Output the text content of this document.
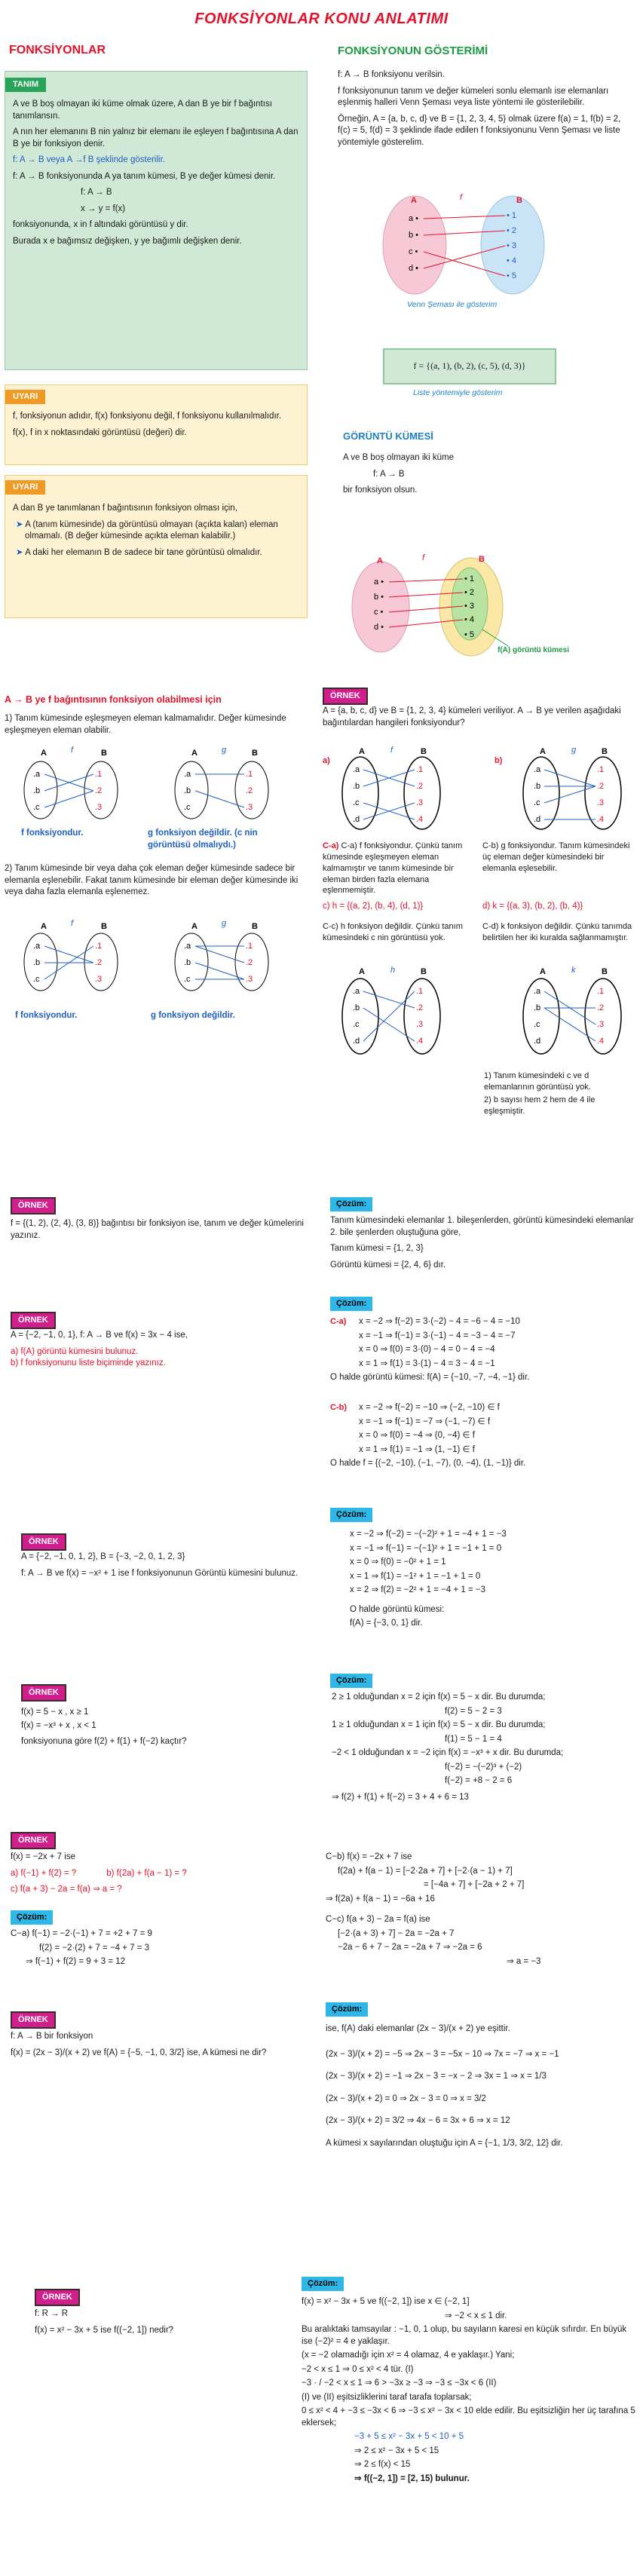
FONKSİYONLAR KONU ANLATIMI
FONKSİYONLAR
TANIM

A ve B boş olmayan iki küme olmak üzere, A dan B ye bir f bağıntısı tanımlansın.

A nın her elemanını B nin yalnız bir elemanı ile eşleyen f bağıntısına A dan B ye bir fonksiyon denir.

f: A → B veya A →f B şeklinde gösterilir.

f: A → B fonksiyonunda A ya tanım kümesi, B ye değer kümesi denir.

f: A → B

x → y = f(x)

fonksiyonunda, x in f altındaki görüntüsü y dir.

Burada x e bağımsız değişken, y ye bağımlı değişken denir.

UYARI

f, fonksiyonun adıdır, f(x) fonksiyonu değil, f fonksiyonu kullanılmalıdır.

f(x), f in x noktasındaki görüntüsü (değeri) dir.

UYARI

A dan B ye tanımlanan f bağıntısının fonksiyon olması için,

➤ A (tanım kümesinde) da görüntüsü olmayan (açıkta kalan) eleman olmamalı. (B değer kümesinde açıkta eleman kalabilir.)

➤ A daki her elemanın B de sadece bir tane görüntüsü olmalıdır.

FONKSİYONUN GÖSTERİMİ

f: A → B fonksiyonu verilsin.

f fonksiyonunun tanım ve değer kümeleri sonlu elemanlı ise elemanları eşlenmiş halleri Venn Şeması veya liste yöntemi ile gösterilebilir.

Örneğin, A = {a, b, c, d} ve B = {1, 2, 3, 4, 5} olmak üzere f(a) = 1, f(b) = 2, f(c) = 5, f(d) = 3 şeklinde ifade edilen f fonksiyonunu Venn Şeması ve liste yöntemiyle gösterelim.

A	B
f
a •
b •
c •
d •
• 1
• 2
• 3
• 4
• 5
Venn Şeması ile gösterim
f = {(a, 1), (b, 2), (c, 5), (d, 3)}
Liste yöntemiyle gösterim
GÖRÜNTÜ KÜMESİ

A ve B boş olmayan iki küme

f: A → B

bir fonksiyon olsun.

A	B
f
a •
b •
c •
d •
• 1
• 2
• 3
• 4
• 5
f(A) görüntü kümesi
A → B ye f bağıntısının fonksiyon olabilmesi için
1) Tanım kümesinde eşleşmeyen eleman kalmamalıdır. Değer kümesinde eşleşmeyen eleman olabilir.
A	B
f
.a
.b
.c
.1
.2
.3
A	B
g
.a
.b
.c
.1
.2
.3
f fonksiyondur.	g fonksiyon değildir. (c nin görüntüsü olmalıydı.)
2) Tanım kümesinde bir veya daha çok eleman değer kümesinde sadece bir elemanla eşlenebilir. Fakat tanım kümesinde bir eleman değer kümesinde iki veya daha fazla elemanla eşlenemez.
A	B
f
.a
.b
.c
.1
.2
.3
A	B
g
.a
.b
.c
.1
.2
.3
f fonksiyondur.	g fonksiyon değildir.
ÖRNEK
A = {a, b, c, d} ve B = {1, 2, 3, 4} kümeleri veriliyor. A → B ye verilen aşağıdaki bağıntılardan hangileri fonksiyondur?
a)	b)
A	B
f
.a
.b
.c
.d
.1
.2
.3
.4
A	B
g
.a
.b
.c
.d
.1
.2
.3
.4
C-a) C-a) f fonksiyondur. Çünkü tanım kümesinde eşleşmeyen eleman kalmamıştır ve tanım kümesinde bir eleman birden fazla elemana eşlenmemiştir.
C-b) g fonksiyondur. Tanım kümesindeki üç eleman değer kümesindeki bir elemanla eşlesebilir.
c) h = {(a, 2), (b, 4), (d, 1)}	d) k = {(a, 3), (b, 2), (b, 4)}
C-c) h fonksiyon değildir. Çünkü tanım kümesindeki c nin görüntüsü yok.
C-d) k fonksiyon değildir. Çünkü tanımda belirtilen her iki kuralda sağlanmamıştır.
A	B
h
.a
.b
.c
.d
.1
.2
.3
.4
A	B
k
.a
.b
.c
.d
.1
.2
.3
.4
1) Tanım kümesindeki c ve d elemanlarının görüntüsü yok.
2) b sayısı hem 2 hem de 4 ile eşleşmiştir.
ÖRNEK
f = {(1, 2), (2, 4), (3, 8)} bağıntısı bir fonksiyon ise, tanım ve değer kümelerini yazınız.
Çözüm:

Tanım kümesindeki elemanlar 1. bileşenlerden, görüntü kümesindeki elemanlar 2. bile şenlerden oluştuğuna göre,

Tanım kümesi = {1, 2, 3}

Görüntü kümesi = {2, 4, 6} dır.

ÖRNEK

A = {−2, −1, 0, 1}, f: A → B ve f(x) = 3x − 4 ise,

a) f(A) görüntü kümesini bulunuz.

b) f fonksiyonunu liste biçiminde yazınız.

Çözüm:
C-a) x = −2 ⇒ f(−2) = 3·(−2) − 4 = −6 − 4 = −10

x = −1 ⇒ f(−1) = 3·(−1) − 4 = −3 − 4 = −7

x = 0 ⇒ f(0) = 3·(0) − 4 = 0 − 4 = −4

x = 1 ⇒ f(1) = 3·(1) − 4 = 3 − 4 = −1

O halde görüntü kümesi: f(A) = {−10, −7, −4, −1} dir.

C-b) x = −2 ⇒ f(−2) = −10 ⇒ (−2, −10) ∈ f

x = −1 ⇒ f(−1) = −7 ⇒ (−1, −7) ∈ f

x = 0 ⇒ f(0) = −4 ⇒ (0, −4) ∈ f

x = 1 ⇒ f(1) = −1 ⇒ (1, −1) ∈ f

O halde f = {(−2, −10), (−1, −7), (0, −4), (1, −1)} dir.

ÖRNEK

A = {−2, −1, 0, 1, 2}, B = {−3, −2, 0, 1, 2, 3}

f: A → B ve f(x) = −x² + 1 ise f fonksiyonunun Görüntü kümesini bulunuz.

Çözüm:

x = −2 ⇒ f(−2) = −(−2)² + 1 = −4 + 1 = −3

x = −1 ⇒ f(−1) = −(−1)² + 1 = −1 + 1 = 0

x = 0 ⇒ f(0) = −0² + 1 = 1

x = 1 ⇒ f(1) = −1² + 1 = −1 + 1 = 0

x = 2 ⇒ f(2) = −2² + 1 = −4 + 1 = −3

O halde görüntü kümesi:

f(A) = {−3, 0, 1} dir.

ÖRNEK

f(x) = 5 − x , x ≥ 1

f(x) = −x³ + x , x < 1

fonksiyonuna göre f(2) + f(1) + f(−2) kaçtır?

Çözüm:

2 ≥ 1 olduğundan x = 2 için f(x) = 5 − x dir. Bu durumda;

f(2) = 5 − 2 = 3

1 ≥ 1 olduğundan x = 1 için f(x) = 5 − x dir. Bu durumda;

f(1) = 5 − 1 = 4

−2 < 1 olduğundan x = −2 için f(x) = −x³ + x dir. Bu durumda;

f(−2) = −(−2)³ + (−2)

f(−2) = +8 − 2 = 6

⇒ f(2) + f(1) + f(−2) = 3 + 4 + 6 = 13

ÖRNEK

f(x) = −2x + 7 ise

a) f(−1) + f(2) = ?	b) f(2a) + f(a − 1) = ?

c) f(a + 3) − 2a = f(a) ⇒ a = ?

Çözüm:

C−a) f(−1) = −2·(−1) + 7 = +2 + 7 = 9

f(2) = −2·(2) + 7 = −4 + 7 = 3

⇒ f(−1) + f(2) = 9 + 3 = 12

C−b) f(x) = −2x + 7 ise

f(2a) + f(a − 1) = [−2·2a + 7] + [−2·(a − 1) + 7]

= [−4a + 7] + [−2a + 2 + 7]

⇒ f(2a) + f(a − 1) = −6a + 16

C−c) f(a + 3) − 2a = f(a) ise

[−2·(a + 3) + 7] − 2a = −2a + 7

−2a − 6 + 7 − 2a = −2a + 7 ⇒ −2a = 6

⇒ a = −3

ÖRNEK

f: A → B bir fonksiyon

f(x) = (2x − 3)/(x + 2) ve f(A) = {−5, −1, 0, 3/2} ise, A kümesi ne dir?

Çözüm:

ise, f(A) daki elemanlar (2x − 3)/(x + 2) ye eşittir.

(2x − 3)/(x + 2) = −5 ⇒ 2x − 3 = −5x − 10 ⇒ 7x = −7 ⇒ x = −1

(2x − 3)/(x + 2) = −1 ⇒ 2x − 3 = −x − 2 ⇒ 3x = 1 ⇒ x = 1/3

(2x − 3)/(x + 2) = 0 ⇒ 2x − 3 = 0 ⇒ x = 3/2

(2x − 3)/(x + 2) = 3/2 ⇒ 4x − 6 = 3x + 6 ⇒ x = 12

A kümesi x sayılarından oluştuğu için A = {−1, 1/3, 3/2, 12} dir.

ÖRNEK

f: R → R

f(x) = x² − 3x + 5 ise f((−2, 1]) nedir?

Çözüm:

f(x) = x² − 3x + 5 ve f((−2, 1]) ise x ∈ (−2, 1]

⇒ −2 < x ≤ 1 dir.

Bu aralıktaki tamsayılar : −1, 0, 1 olup, bu sayıların karesi en küçük sıfırdır. En büyük ise (−2)² = 4 e yaklaşır.

(x = −2 olamadığı için x² = 4 olamaz, 4 e yaklaşır.) Yani;

−2 < x ≤ 1 ⇒ 0 ≤ x² < 4 tür. (I)

−3 · / −2 < x ≤ 1 ⇒ 6 > −3x ≥ −3 ⇒ −3 ≤ −3x < 6 (II)

(I) ve (II) eşitsizliklerini taraf tarafa toplarsak;

0 ≤ x² < 4 + −3 ≤ −3x < 6 ⇒ −3 ≤ x² − 3x < 10 elde edilir. Bu eşitsizliğin her üç tarafına 5 eklersek;

−3 + 5 ≤ x² − 3x + 5 < 10 + 5

⇒ 2 ≤ x² − 3x + 5 < 15

⇒ 2 ≤ f(x) < 15

⇒ f((−2, 1]) = [2, 15) bulunur.
